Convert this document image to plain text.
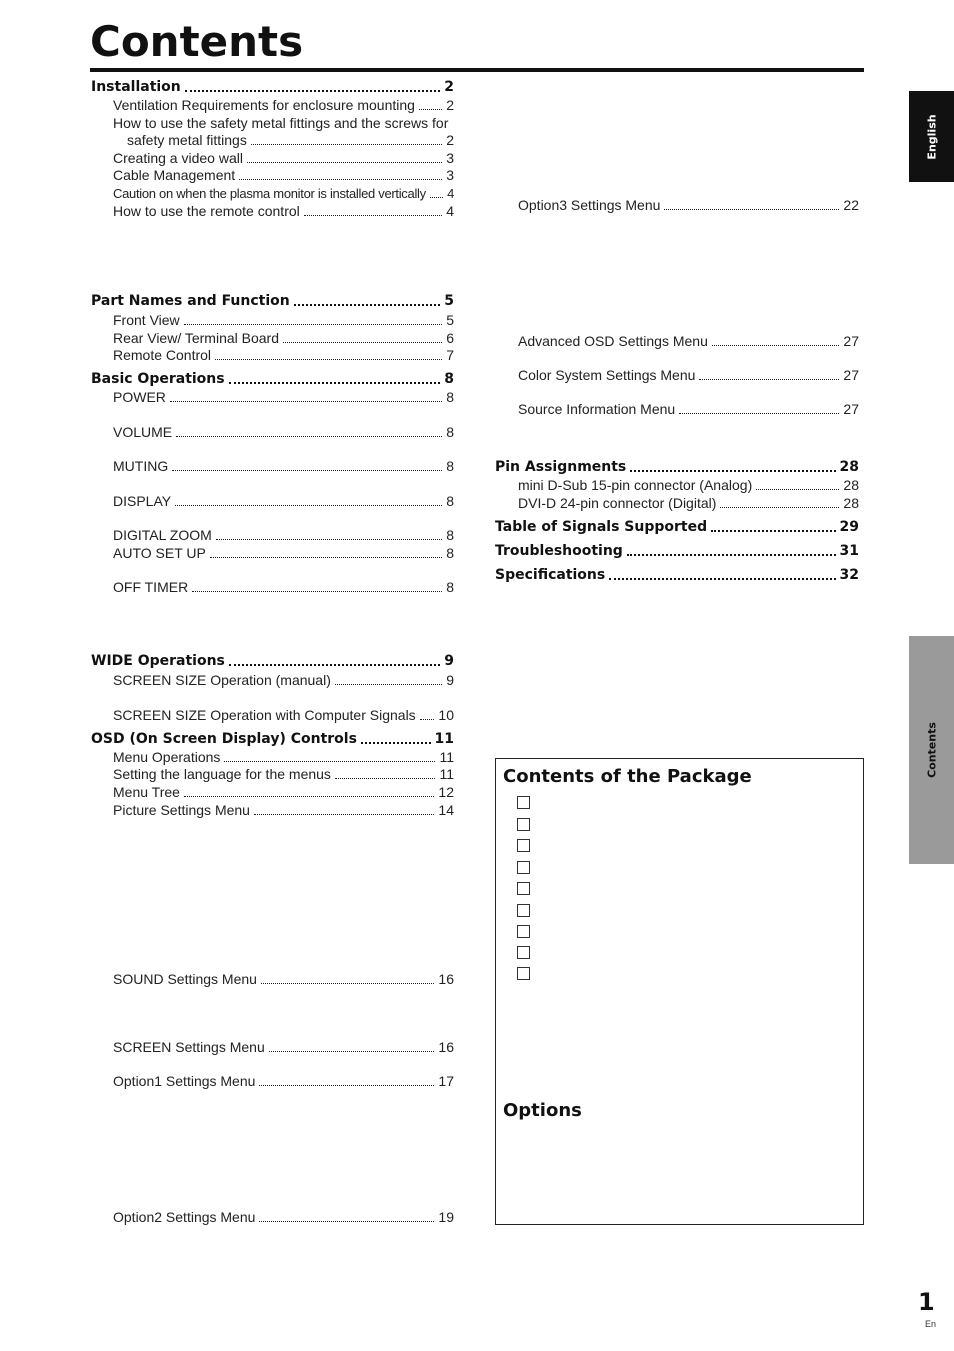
Contents
English
Contents
Installation	2
Ventilation Requirements for enclosure mounting 2
How to use the safety metal fittings and the screws for
safety metal fittings	2
Creating a video wall	3
Cable Management	3
Caution on when the plasma monitor is installed vertically 4
How to use the remote control	4
Part Names and Function	5
Front View	5
Rear View/ Terminal Board	6
Remote Control	7
Basic Operations	8
POWER	8
VOLUME	8
MUTING	8
DISPLAY	8
DIGITAL ZOOM	8
AUTO SET UP	8
OFF TIMER	8
WIDE Operations	9
SCREEN SIZE Operation (manual)	9
SCREEN SIZE Operation with Computer Signals 10
OSD (On Screen Display) Controls	11
Menu Operations	11
Setting the language for the menus	11
Menu Tree	12
Picture Settings Menu	14
SOUND Settings Menu	16
SCREEN Settings Menu	16
Option1 Settings Menu	17
Option2 Settings Menu	19
Option3 Settings Menu	22
Advanced OSD Settings Menu	27
Color System Settings Menu	27
Source Information Menu	27
Pin Assignments	28
mini D-Sub 15-pin connector (Analog)	28
DVI-D 24-pin connector (Digital)	28
Table of Signals Supported	29
Troubleshooting	31
Specifications	32
Contents of the Package
Options
1
En
